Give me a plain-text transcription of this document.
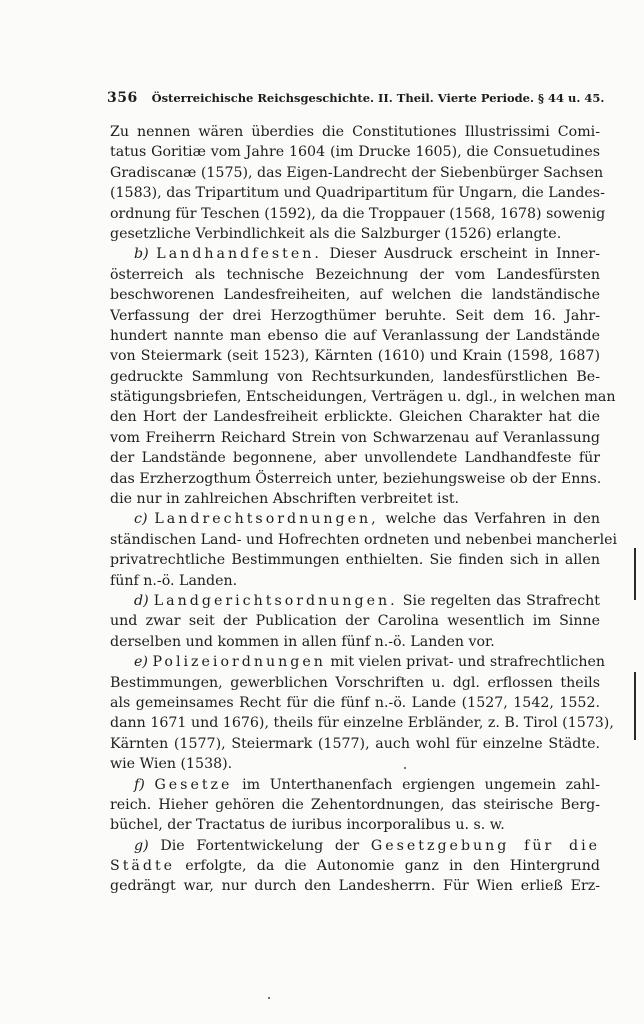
356 Österreichische Reichsgeschichte. II. Theil. Vierte Periode. § 44 u. 45.
Zu nennen wären überdies die Constitutiones Illustrissimi Comi-
tatus Goritiæ vom Jahre 1604 (im Drucke 1605), die Consuetudines
Gradiscanæ (1575), das Eigen-Landrecht der Siebenbürger Sachsen
(1583), das Tripartitum und Quadripartitum für Ungarn, die Landes-
ordnung für Teschen (1592), da die Troppauer (1568, 1678) sowenig
gesetzliche Verbindlichkeit als die Salzburger (1526) erlangte.
b) Landhandfesten. Dieser Ausdruck erscheint in Inner-
österreich als technische Bezeichnung der vom Landesfürsten
beschworenen Landesfreiheiten, auf welchen die landständische
Verfassung der drei Herzogthümer beruhte. Seit dem 16. Jahr-
hundert nannte man ebenso die auf Veranlassung der Landstände
von Steiermark (seit 1523), Kärnten (1610) und Krain (1598, 1687)
gedruckte Sammlung von Rechtsurkunden, landesfürstlichen Be-
stätigungsbriefen, Entscheidungen, Verträgen u. dgl., in welchen man
den Hort der Landesfreiheit erblickte. Gleichen Charakter hat die
vom Freiherrn Reichard Strein von Schwarzenau auf Veranlassung
der Landstände begonnene, aber unvollendete Landhandfeste für
das Erzherzogthum Österreich unter, beziehungsweise ob der Enns.
die nur in zahlreichen Abschriften verbreitet ist.
c) Landrechtsordnungen, welche das Verfahren in den
ständischen Land- und Hofrechten ordneten und nebenbei mancherlei
privatrechtliche Bestimmungen enthielten. Sie finden sich in allen
fünf n.-ö. Landen.
d) Landgerichtsordnungen. Sie regelten das Strafrecht
und zwar seit der Publication der Carolina wesentlich im Sinne
derselben und kommen in allen fünf n.-ö. Landen vor.
e) Polizeiordnungen mit vielen privat- und strafrechtlichen
Bestimmungen, gewerblichen Vorschriften u. dgl. erflossen theils
als gemeinsames Recht für die fünf n.-ö. Lande (1527, 1542, 1552.
dann 1671 und 1676), theils für einzelne Erbländer, z. B. Tirol (1573),
Kärnten (1577), Steiermark (1577), auch wohl für einzelne Städte.
wie Wien (1538).
f) Gesetze im Unterthanenfach ergiengen ungemein zahl-
reich. Hieher gehören die Zehentordnungen, das steirische Berg-
büchel, der Tractatus de iuribus incorporalibus u. s. w.
g) Die Fortentwickelung der Gesetzgebung für die
Städte erfolgte, da die Autonomie ganz in den Hintergrund
gedrängt war, nur durch den Landesherrn. Für Wien erließ Erz-
